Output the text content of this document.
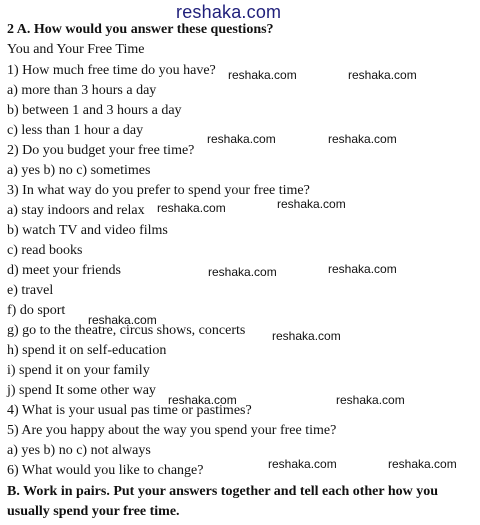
reshaka.com
2 A. How would you answer these questions?
You and Your Free Time
1) How much free time do you have?
a) more than 3 hours a day
b) between 1 and 3 hours a day
c) less than 1 hour a day
2) Do you budget your free time?
a) yes b) no c) sometimes
3) In what way do you prefer to spend your free time?
a) stay indoors and relax
b) watch TV and video films
c) read books
d) meet your friends
e) travel
f) do sport
g) go to the theatre, circus shows, concerts
h) spend it on self-education
i) spend it on your family
j) spend It some other way
4) What is your usual pas time or pastimes?
5) Are you happy about the way you spend your free time?
a) yes b) no c) not always
6) What would you like to change?
B. Work in pairs. Put your answers together and tell each other how you
usually spend your free time.
reshaka.com	reshaka.com
reshaka.com	reshaka.com
reshaka.com	reshaka.com
reshaka.com	reshaka.com
reshaka.com
reshaka.com
reshaka.com	reshaka.com
reshaka.com	reshaka.com
